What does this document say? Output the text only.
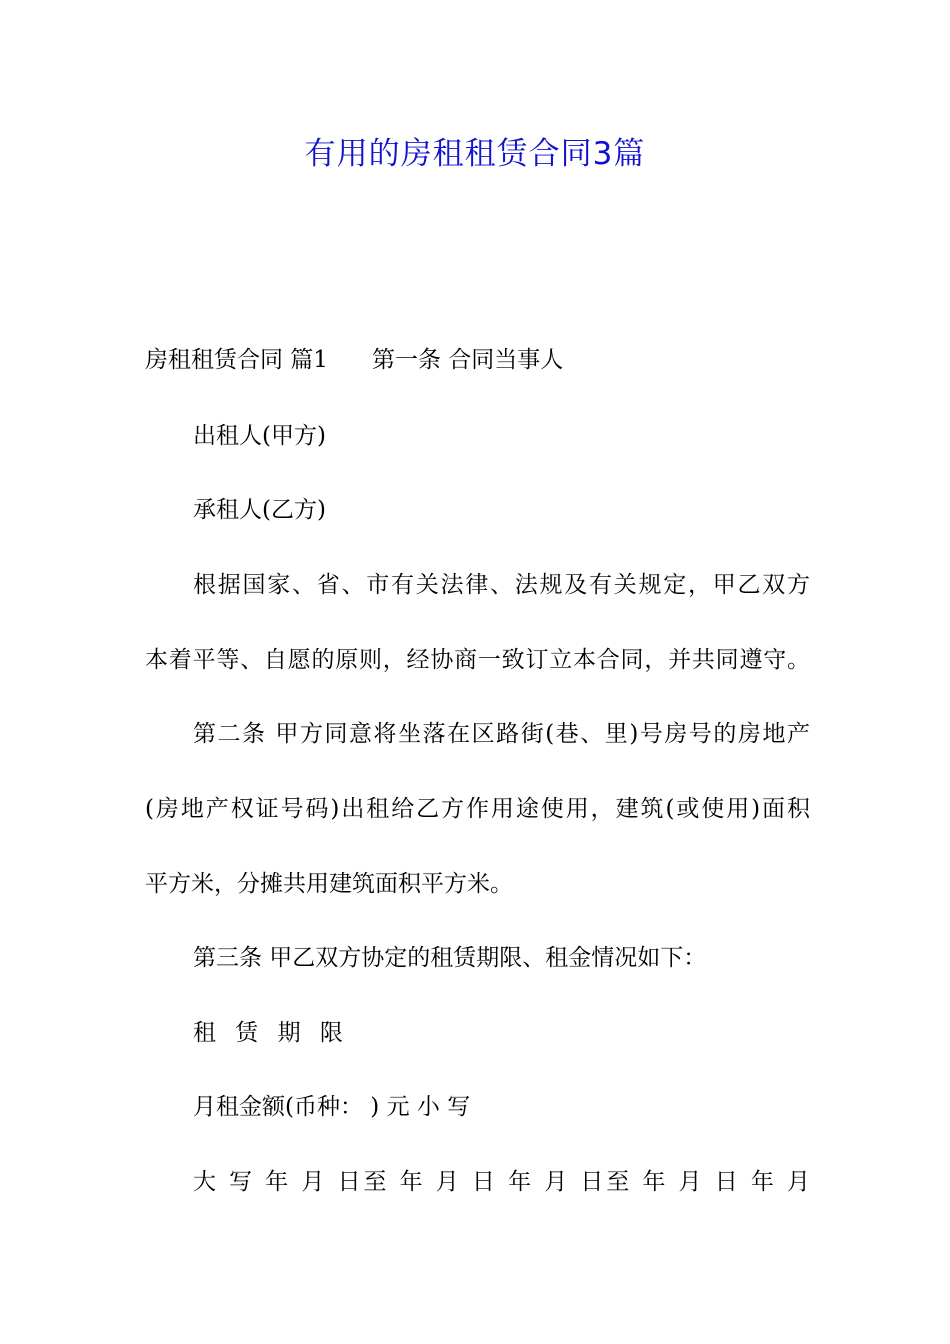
有用的房租租赁合同3篇

房租租赁合同 篇1 第一条 合同当事人

出租人(甲方)

承租人(乙方)

根据国家、省、市有关法律、法规及有关规定，甲乙双方

本着平等、自愿的原则，经协商一致订立本合同，并共同遵守。

第二条 甲方同意将坐落在区路街(巷、里)号房号的房地产

(房地产权证号码)出租给乙方作用途使用，建筑(或使用)面积

平方米，分摊共用建筑面积平方米。

第三条 甲乙双方协定的租赁期限、租金情况如下：

租 赁 期 限

月租金额(币种： ) 元 小 写

大 写 年 月 日至 年 月 日 年 月 日至 年 月 日 年 月
